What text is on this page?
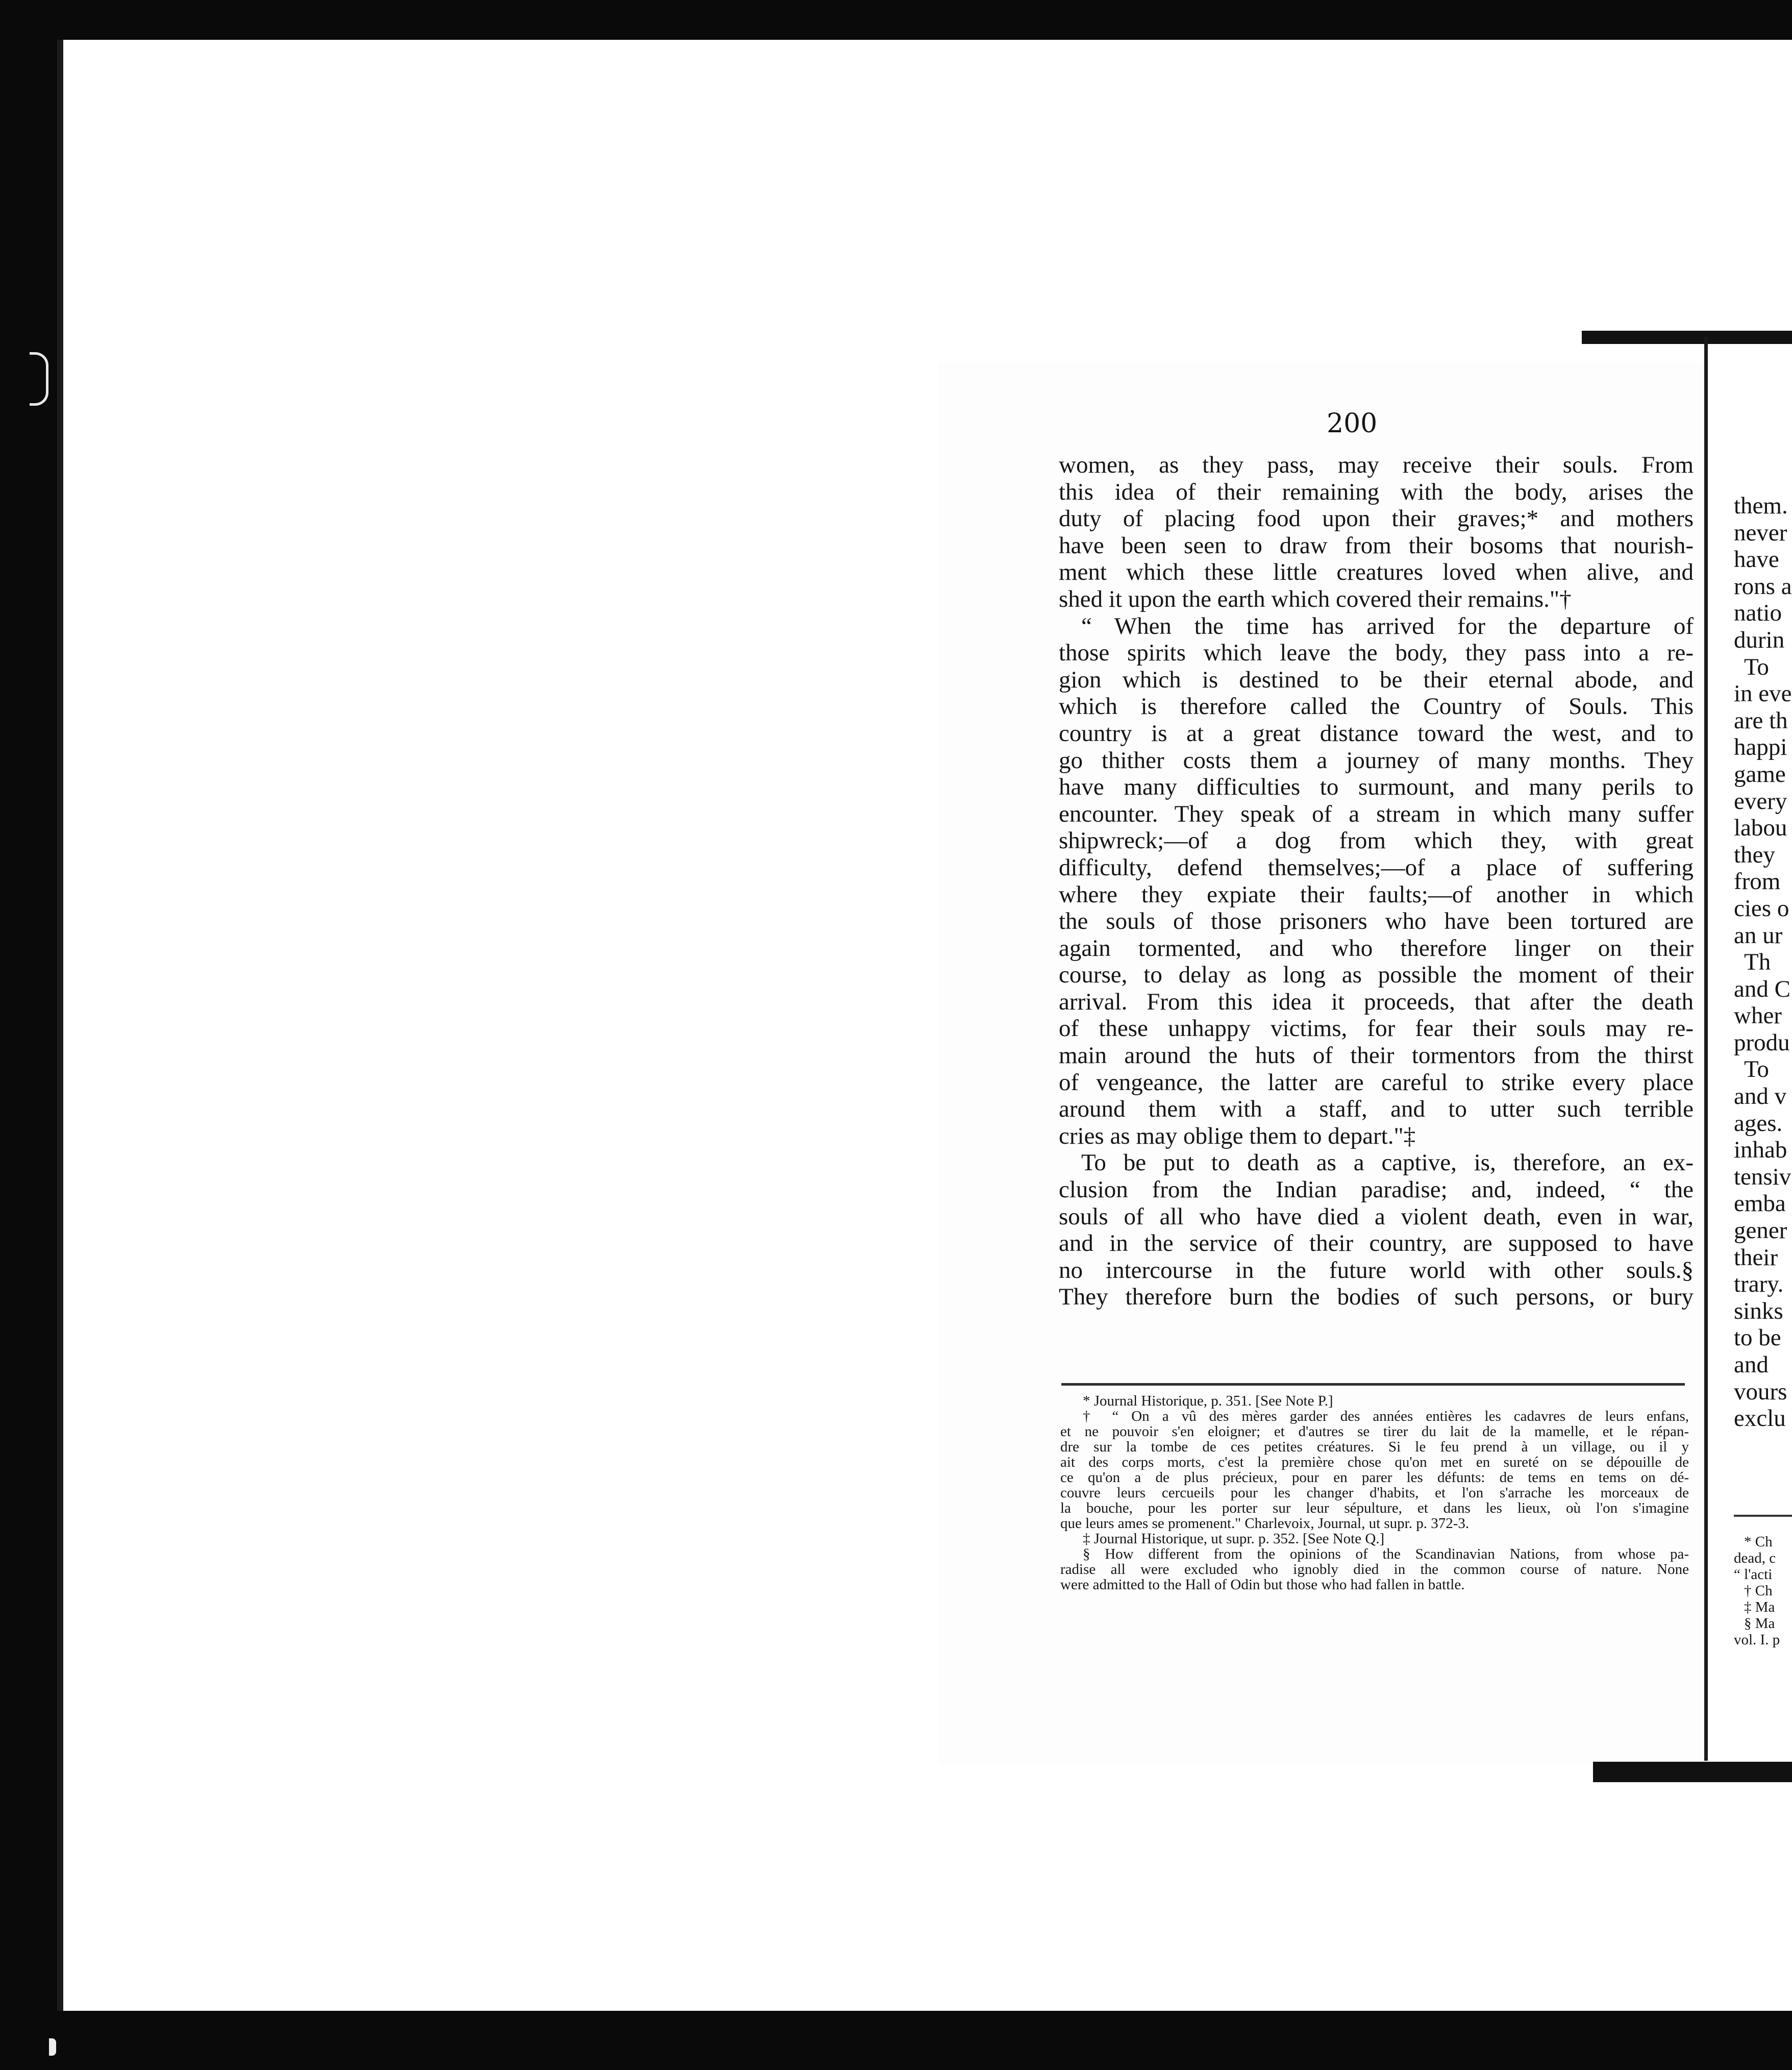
200
women, as they pass, may receive their souls. From
this idea of their remaining with the body, arises the
duty of placing food upon their graves;* and mothers
have been seen to draw from their bosoms that nourish-
ment which these little creatures loved when alive, and
shed it upon the earth which covered their remains."†
“ When the time has arrived for the departure of
those spirits which leave the body, they pass into a re-
gion which is destined to be their eternal abode, and
which is therefore called the Country of Souls. This
country is at a great distance toward the west, and to
go thither costs them a journey of many months. They
have many difficulties to surmount, and many perils to
encounter. They speak of a stream in which many suffer
shipwreck;—of a dog from which they, with great
difficulty, defend themselves;—of a place of suffering
where they expiate their faults;—of another in which
the souls of those prisoners who have been tortured are
again tormented, and who therefore linger on their
course, to delay as long as possible the moment of their
arrival. From this idea it proceeds, that after the death
of these unhappy victims, for fear their souls may re-
main around the huts of their tormentors from the thirst
of vengeance, the latter are careful to strike every place
around them with a staff, and to utter such terrible
cries as may oblige them to depart."‡
To be put to death as a captive, is, therefore, an ex-
clusion from the Indian paradise; and, indeed, “ the
souls of all who have died a violent death, even in war,
and in the service of their country, are supposed to have
no intercourse in the future world with other souls.§
They therefore burn the bodies of such persons, or bury
* Journal Historique, p. 351. [See Note P.]
† “ On a vû des mères garder des années entières les cadavres de leurs enfans,
et ne pouvoir s'en eloigner; et d'autres se tirer du lait de la mamelle, et le répan-
dre sur la tombe de ces petites créatures. Si le feu prend à un village, ou il y
ait des corps morts, c'est la première chose qu'on met en sureté on se dépouille de
ce qu'on a de plus précieux, pour en parer les défunts: de tems en tems on dé-
couvre leurs cercueils pour les changer d'habits, et l'on s'arrache les morceaux de
la bouche, pour les porter sur leur sépulture, et dans les lieux, où l'on s'imagine
que leurs ames se promenent." Charlevoix, Journal, ut supr. p. 372-3.
‡ Journal Historique, ut supr. p. 352. [See Note Q.]
§ How different from the opinions of the Scandinavian Nations, from whose pa-
radise all were excluded who ignobly died in the common course of nature. None
were admitted to the Hall of Odin but those who had fallen in battle.
them.
never
have
rons a
natio
durin
To
in eve
are th
happi
game
every
labou
they
from
cies o
an ur
Th
and C
wher
produ
To
and v
ages.
inhab
tensiv
emba
gener
their
trary.
sinks
to be
and
vours
exclu
* Ch
dead, c
“ l'acti
† Ch
‡ Ma
§ Ma
vol. I. p
